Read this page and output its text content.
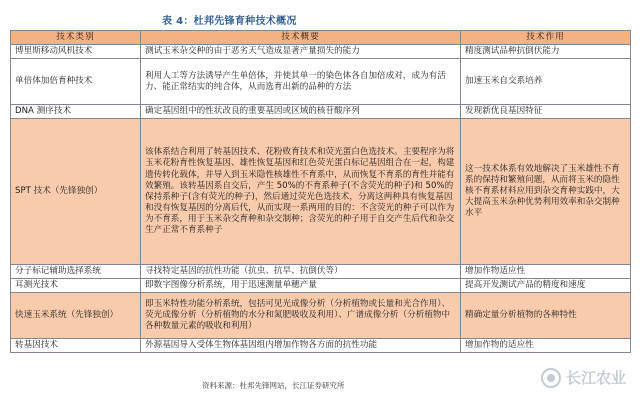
表 4：杜邦先锋育种技术概况
技术类别	技术概要	技术作用
博里斯移动风机技术	测试玉米杂交种的由于恶劣天气造成显著产量损失的能力	精度测试品种抗倒伏能力
单倍体加倍育种技术	利用人工等方法诱导产生单倍体，并使其单一的染色体各自加倍成对，成为有活力、能正常结实的纯合体，从而选育出新的品种的方法	加速玉米自交系培养
DNA 测序技术	确定基因组中的性状改良的重要基因或区域的核苷酸序列	发现新优良基因特征
SPT 技术（先锋独创）	该体系结合利用了转基因技术、花粉败育技术和荧光蛋白色选技术。主要程序为将玉米花粉育性恢复基因、雄性恢复基因和红色荧光蛋白标记基因组合在一起，构建遗传转化载体，并导入到玉米隐性核雄性不育系中，从而恢复不育系的育性并能有效繁殖。该转基因系自交后，产生 50%的不育系种子(不含荧光的种子)和 50%的保持系种子(含有荧光的种子)，然后通过荧光色选技术，分离这两种具有恢复基因和没有恢复基因的分离后代，从而实现一系两用的目的：不含荧光的种子可以作为为不育系，用于玉米杂交育种和杂交制种；含荧光的种子用于自交产生后代和杂交生产正常不育系种子	这一技术体系有效地解决了玉米雄性不育系的保持和繁殖问题，从而将玉米的隐性核不育系材料应用到杂交育种实践中，大大提高玉米杂种优势利用效率和杂交制种水平
分子标记辅助选择系统	寻找特定基因的抗性功能（抗虫、抗旱、抗倒伏等）	增加作物适应性
耳测光技术	即数字图像分析系统，用于迅速测量单穗产量	提高开发测试产品的精度和速度
快速玉米系统（先锋独创）	即玉米特性功能分析系统，包括可见光成像分析（分析植物或长量和光合作用）、荧光成像分析（分析植物的水分和氮肥吸收及利用）、广谱成像分析（分析植物中各种数量元素的吸收和利用）	精确定量分析植物的各种特性
转基因技术	外源基因导入受体生物体基因组内增加作物各方面的抗性功能	增加作物的适应性
资料来源：杜邦先锋网站，长江证券研究所	长江农业
